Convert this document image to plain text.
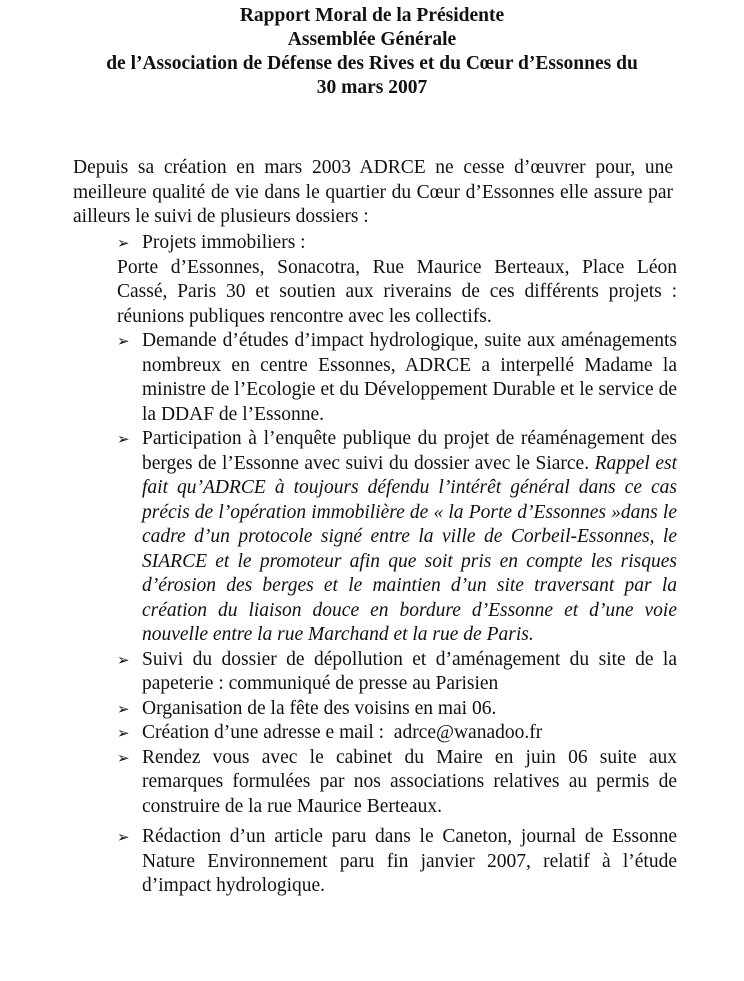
Rapport Moral de la Présidente
Assemblée Générale
de l’Association de Défense des Rives et du Cœur d’Essonnes du
30 mars 2007
Depuis sa création en mars 2003 ADRCE ne cesse d’œuvrer pour, une meilleure qualité de vie dans le quartier du Cœur d’Essonnes elle assure par ailleurs le suivi de plusieurs dossiers :
➢ Projets immobiliers :
Porte d’Essonnes, Sonacotra, Rue Maurice Berteaux, Place Léon Cassé, Paris 30 et soutien aux riverains de ces différents projets : réunions publiques rencontre avec les collectifs.
➢ Demande d’études d’impact hydrologique, suite aux aménagements nombreux en centre Essonnes, ADRCE a interpellé Madame la ministre de l’Ecologie et du Développement Durable et le service de la DDAF de l’Essonne.
➢ Participation à l’enquête publique du projet de réaménagement des berges de l’Essonne avec suivi du dossier avec le Siarce. Rappel est fait qu’ADRCE à toujours défendu l’intérêt général dans ce cas précis de l’opération immobilière de « la Porte d’Essonnes »dans le cadre d’un protocole signé entre la ville de Corbeil-Essonnes, le SIARCE et le promoteur afin que soit pris en compte les risques d’érosion des berges et le maintien d’un site traversant par la création du liaison douce en bordure d’Essonne et d’une voie nouvelle entre la rue Marchand et la rue de Paris.
➢ Suivi du dossier de dépollution et d’aménagement du site de la papeterie : communiqué de presse au Parisien
➢ Organisation de la fête des voisins en mai 06.
➢ Création d’une adresse e mail :  adrce@wanadoo.fr
➢ Rendez vous avec le cabinet du Maire en juin 06 suite aux remarques formulées par nos associations relatives au permis de construire de la rue Maurice Berteaux.
➢ Rédaction d’un article paru dans le Caneton, journal de Essonne Nature Environnement paru fin janvier 2007, relatif à l’étude d’impact hydrologique.
